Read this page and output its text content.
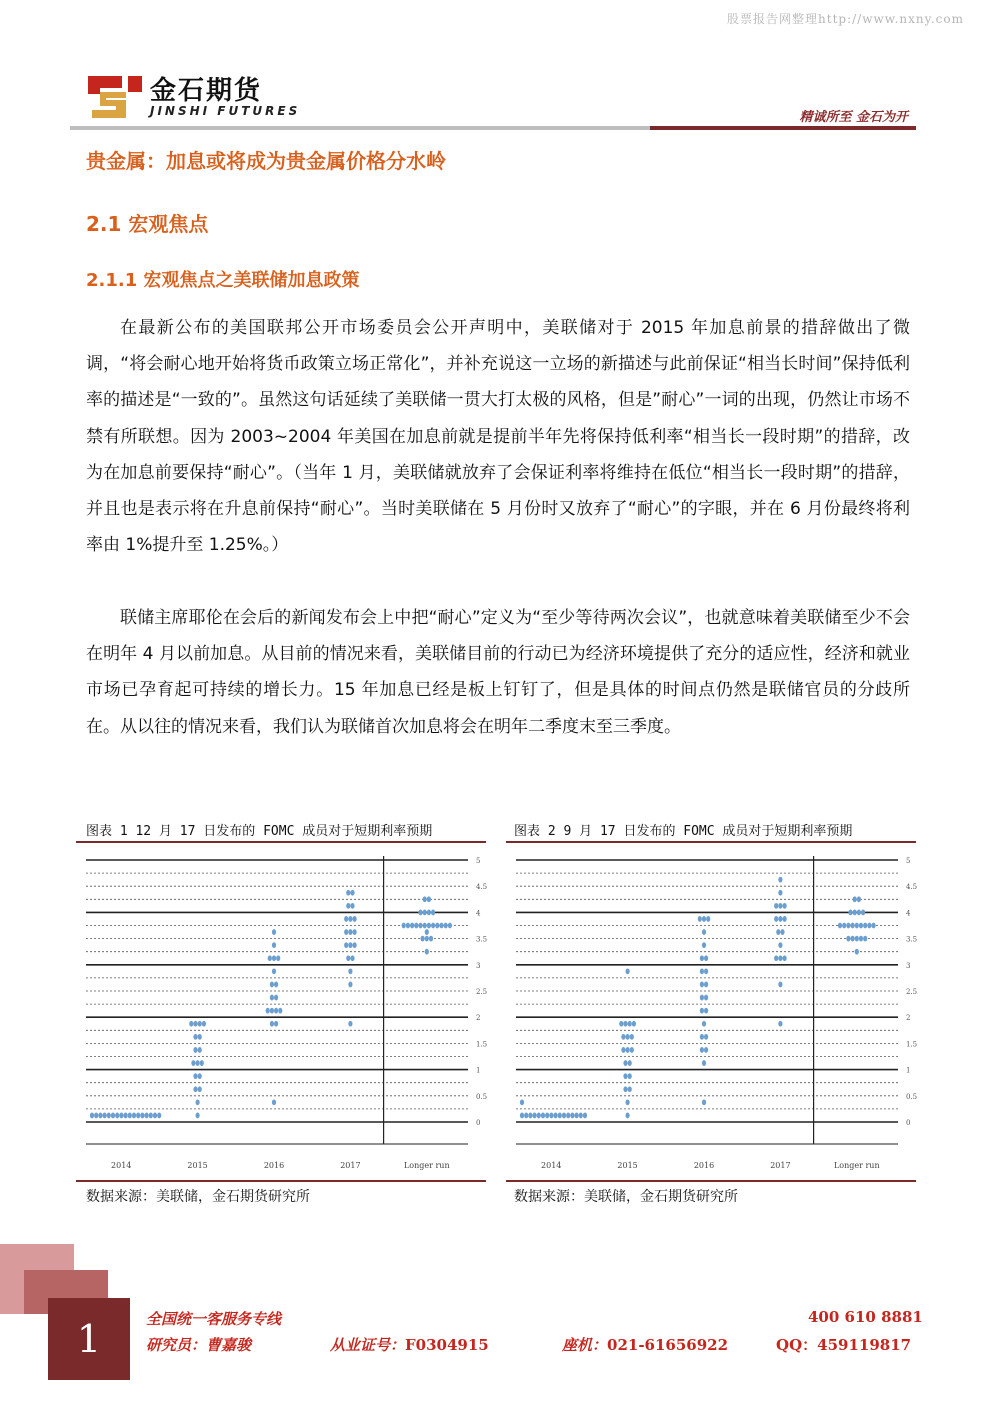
股票报告网整理http://www.nxny.com
金石期货
JINSHI FUTURES	精诚所至 金石为开
贵金属：加息或将成为贵金属价格分水岭
2.1 宏观焦点
2.1.1 宏观焦点之美联储加息政策
在最新公布的美国联邦公开市场委员会公开声明中，美联储对于 2015 年加息前景的措辞做出了微调，“将会耐心地开始将货币政策立场正常化”，并补充说这一立场的新描述与此前保证“相当长时间”保持低利率的描述是“一致的”。虽然这句话延续了美联储一贯大打太极的风格，但是”耐心”一词的出现，仍然让市场不禁有所联想。因为 2003~2004 年美国在加息前就是提前半年先将保持低利率“相当长一段时期”的措辞，改为在加息前要保持“耐心”。（当年 1 月，美联储就放弃了会保证利率将维持在低位“相当长一段时期”的措辞，并且也是表示将在升息前保持“耐心”。当时美联储在 5 月份时又放弃了“耐心”的字眼，并在 6 月份最终将利率由 1%提升至 1.25%。）
联储主席耶伦在会后的新闻发布会上中把“耐心”定义为“至少等待两次会议”，也就意味着美联储至少不会在明年 4 月以前加息。从目前的情况来看，美联储目前的行动已为经济环境提供了充分的适应性，经济和就业市场已孕育起可持续的增长力。15 年加息已经是板上钉钉了，但是具体的时间点仍然是联储官员的分歧所在。从以往的情况来看，我们认为联储首次加息将会在明年二季度末至三季度。
图表 1 12 月 17 日发布的 FOMC 成员对于短期利率预期
0
0.5
1
1.5
2
2.5
3
3.5
4
4.5
5
2014	2015	2016	2017	Longer run
数据来源：美联储，金石期货研究所
图表 2 9 月 17 日发布的 FOMC 成员对于短期利率预期
0
0.5
1
1.5
2
2.5
3
3.5
4
4.5
5
2014	2015	2016	2017	Longer run
数据来源：美联储，金石期货研究所
1	全国统一客服务专线	400 610 8881
研究员：曹嘉骏	从业证号：F0304915	座机：021-61656922	QQ：459119817
